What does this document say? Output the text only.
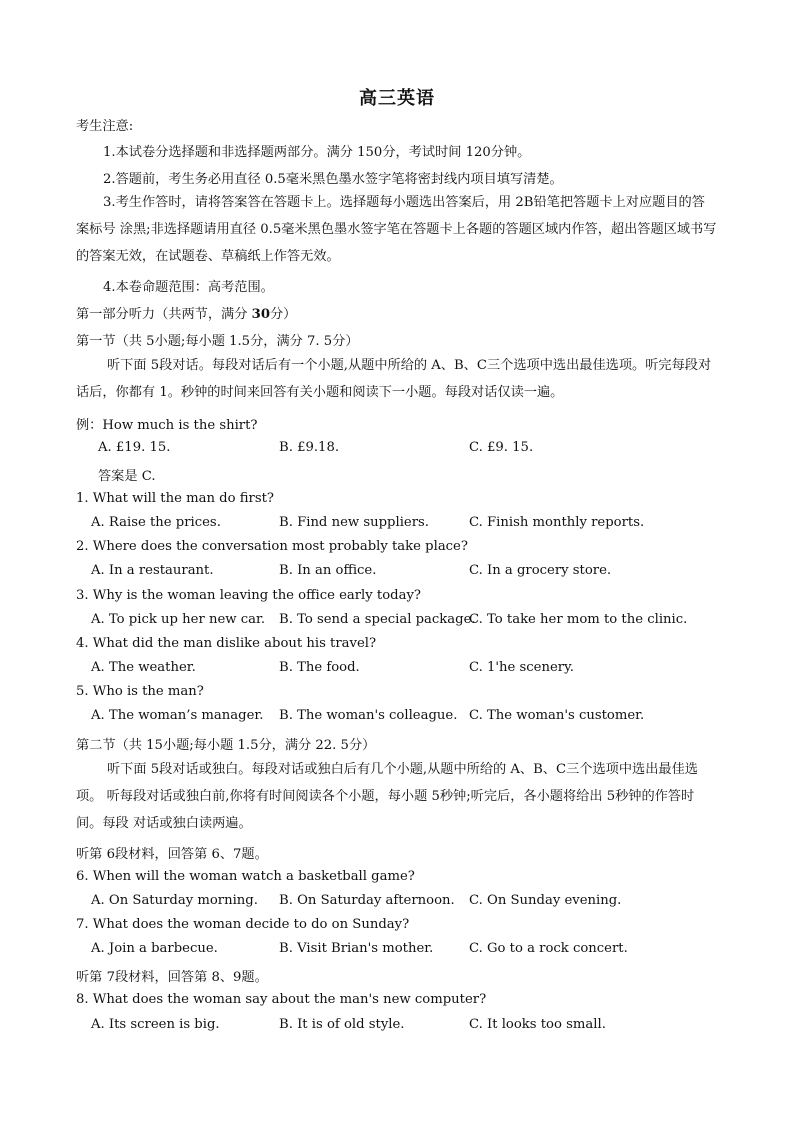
高三英语
考生注意:
1.本试卷分选择题和非选择题两部分。满分 150分，考试时间 120分钟。
2.答题前，考生务必用直径 0.5毫米黑色墨水签字笔将密封线内项目填写清楚。
3.考生作答时，请将答案答在答题卡上。选择题每小题选出答案后，用 2B铅笔把答题卡上对应题目的答案标号 涂黑;非选择题请用直径 0.5毫米黑色墨水签字笔在答题卡上各题的答题区域内作答，超出答题区域书写 的答案无效，在试题卷、草稿纸上作答无效。
4.本卷命题范围：高考范围。
第一部分听力（共两节，满分 30分）
第一节（共 5小题;每小题 1.5分，满分 7. 5分）
听下面 5段对话。每段对话后有一个小题,从题中所给的 A、B、C三个选项中选出最佳选项。听完每段对话后，你都有 1。秒钟的时间来回答有关小题和阅读下一小题。每段对话仅读一遍。
例：How much is the shirt?
A. £19. 15.	B. £9.18.	C. £9. 15.
答案是 C.
1. What will the man do first?
A. Raise the prices.	B. Find new suppliers.	C. Finish monthly reports.
2. Where does the conversation most probably take place?
A. In a restaurant.	B. In an office.	C. In a grocery store.
3. Why is the woman leaving the office early today?
A. To pick up her new car. B. To send a special package.
C. To take her mom to the clinic.
4. What did the man dislike about his travel?
A. The weather.	B. The food.	C. 1'he scenery.
5. Who is the man?
A. The woman’s manager. B. The woman's colleague. C. The woman's customer.
第二节（共 15小题;每小题 1.5分，满分 22. 5分）
听下面 5段对话或独白。每段对话或独白后有几个小题,从题中所给的 A、B、C三个选项中选出最佳选项。 听每段对话或独白前,你将有时间阅读各个小题，每小题 5秒钟;听完后，各小题将给出 5秒钟的作答时间。每段 对话或独白读两遍。
听第 6段材料，回答第 6、7题。
6. When will the woman watch a basketball game?
A. On Saturday morning. B. On Saturday afternoon. C. On Sunday evening.
7. What does the woman decide to do on Sunday?
A. Join a barbecue.	B. Visit Brian's mother.	C. Go to a rock concert.
听第 7段材料，回答第 8、9题。
8. What does the woman say about the man's new computer?
A. Its screen is big.	B. It is of old style.	C. It looks too small.
